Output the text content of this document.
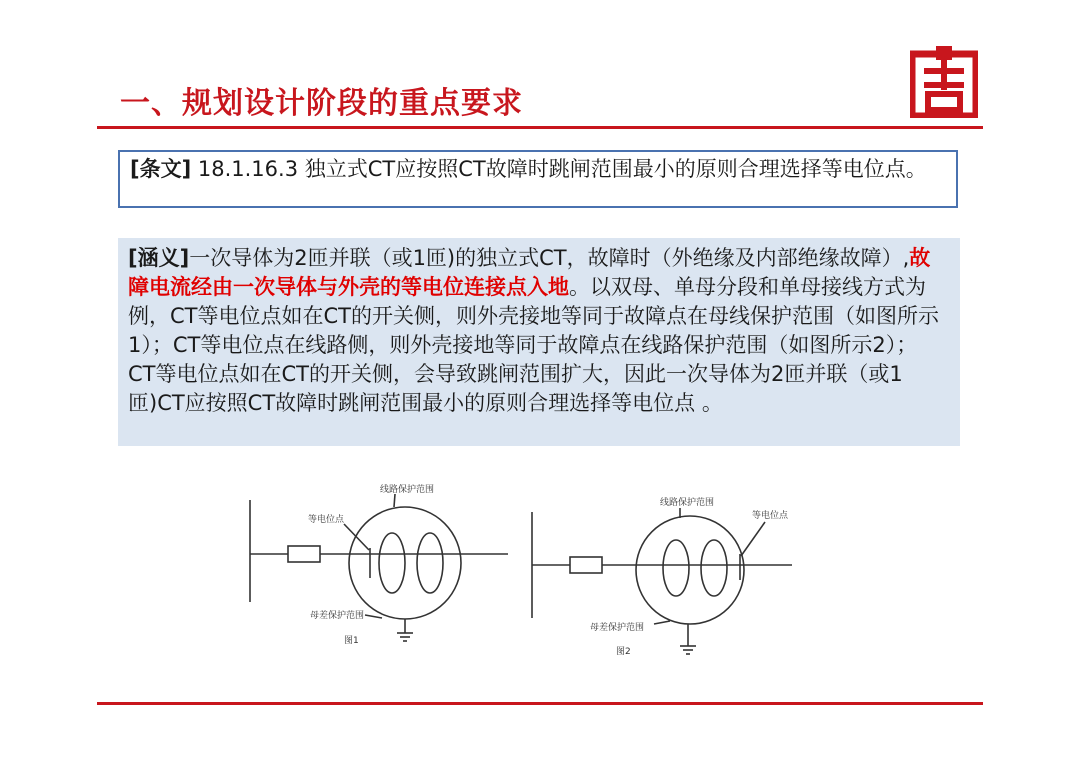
一、规划设计阶段的重点要求
[条文] 18.1.16.3 独立式CT应按照CT故障时跳闸范围最小的原则合理选择等电位点。
[涵义]一次导体为2匝并联（或1匝)的独立式CT，故障时（外绝缘及内部绝缘故障）,故障电流经由一次导体与外壳的等电位连接点入地。以双母、单母分段和单母接线方式为例，CT等电位点如在CT的开关侧，则外壳接地等同于故障点在母线保护范围（如图所示1）；CT等电位点在线路侧，则外壳接地等同于故障点在线路保护范围（如图所示2）； CT等电位点如在CT的开关侧，会导致跳闸范围扩大，因此一次导体为2匝并联（或1匝)CT应按照CT故障时跳闸范围最小的原则合理选择等电位点 。
线路保护范围
等电位点
母差保护范围
图1
线路保护范围
等电位点
母差保护范围
图2
